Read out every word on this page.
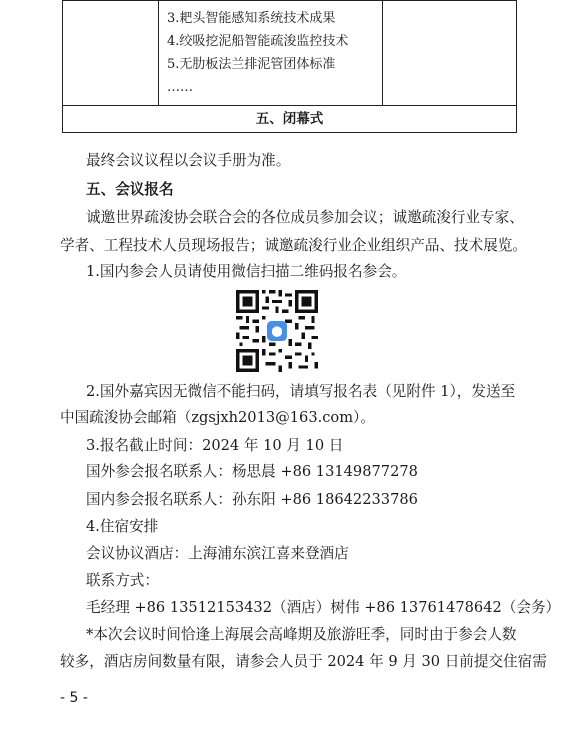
3.耙头智能感知系统技术成果
4.绞吸挖泥船智能疏浚监控技术
5.无肋板法兰排泥管团体标准
……

五、闭幕式
最终会议议程以会议手册为准。
五、会议报名
诚邀世界疏浚协会联合会的各位成员参加会议；诚邀疏浚行业专家、
学者、工程技术人员现场报告；诚邀疏浚行业企业组织产品、技术展览。
1.国内参会人员请使用微信扫描二维码报名参会。
2.国外嘉宾因无微信不能扫码，请填写报名表（见附件 1），发送至
中国疏浚协会邮箱（zgsjxh2013@163.com）。
3.报名截止时间：2024 年 10 月 10 日
国外参会报名联系人：杨思晨 +86 13149877278
国内参会报名联系人：孙东阳 +86 18642233786
4.住宿安排
会议协议酒店：上海浦东滨江喜来登酒店
联系方式：
毛经理 +86 13512153432（酒店）树伟 +86 13761478642（会务）
*本次会议时间恰逢上海展会高峰期及旅游旺季，同时由于参会人数
较多，酒店房间数量有限，请参会人员于 2024 年 9 月 30 日前提交住宿需
- 5 -
